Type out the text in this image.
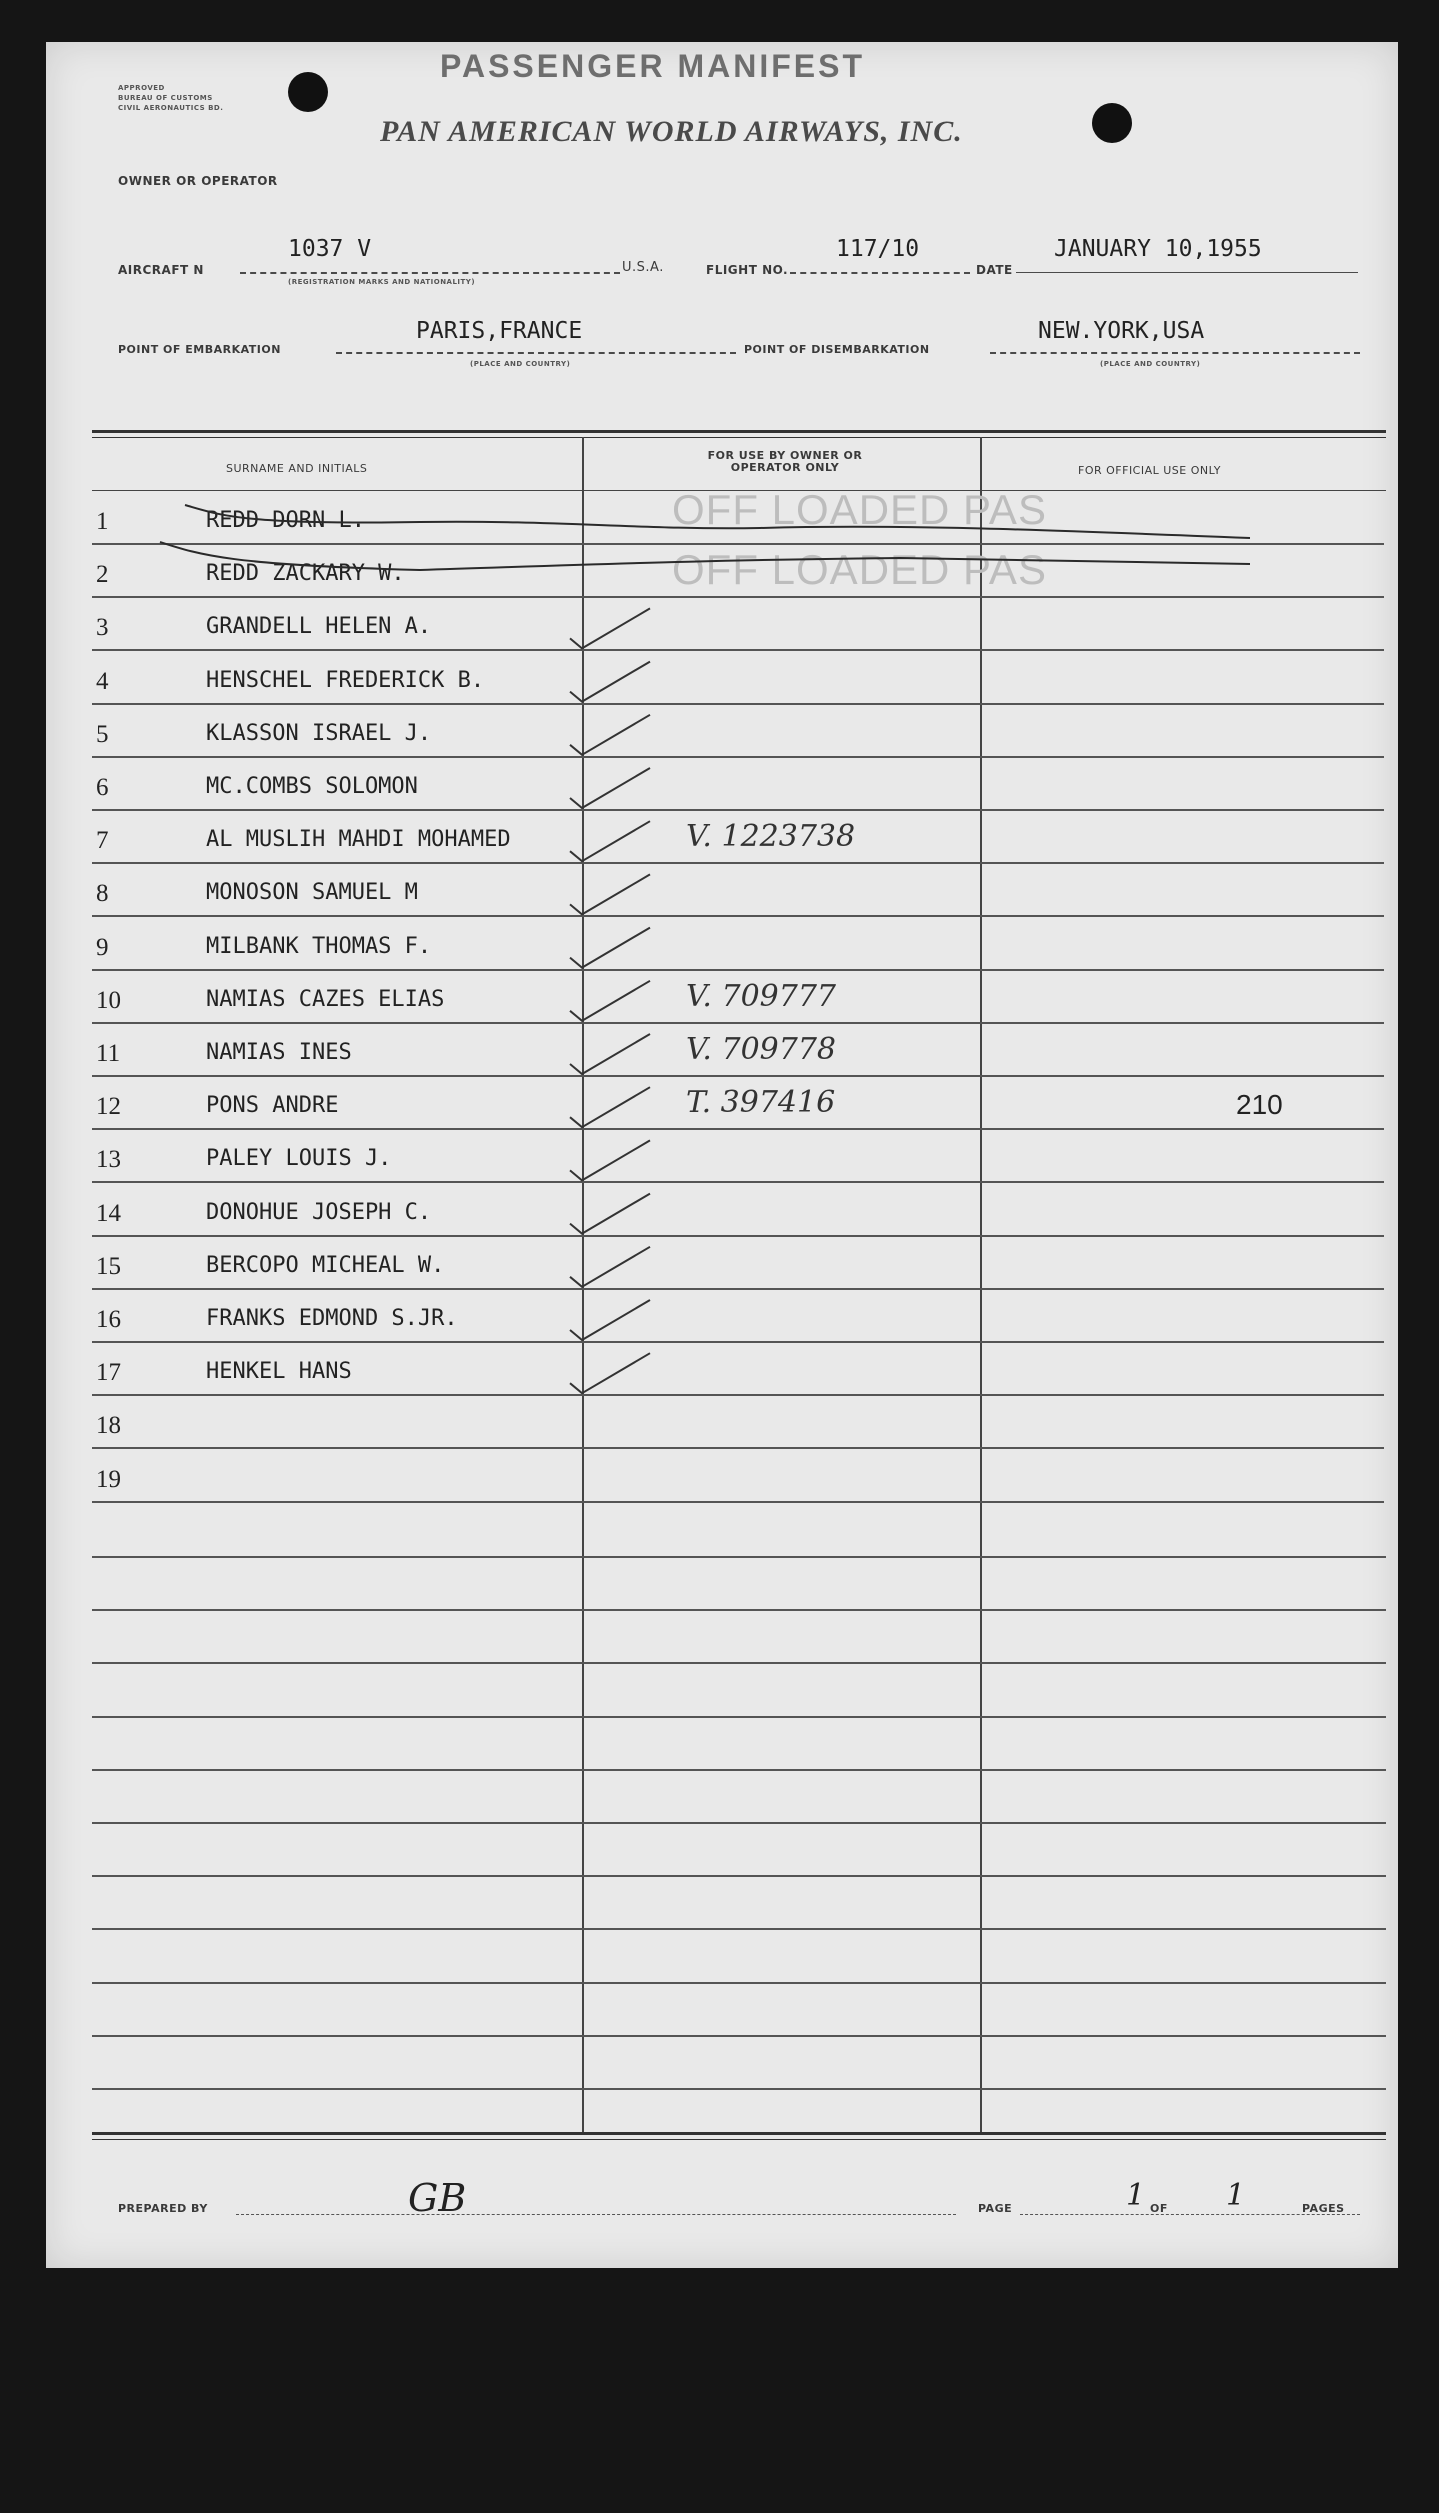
APPROVED
BUREAU OF CUSTOMS
CIVIL AERONAUTICS BD.
PASSENGER MANIFEST
OWNER OR OPERATOR
PAN AMERICAN WORLD AIRWAYS, INC.
AIRCRAFT N
1037 V
(REGISTRATION MARKS AND NATIONALITY)
U.S.A.	FLIGHT NO.
117/10
DATE
JANUARY 10,1955
POINT OF EMBARKATION
PARIS,FRANCE
(PLACE AND COUNTRY)
POINT OF DISEMBARKATION
NEW.YORK,USA
(PLACE AND COUNTRY)
SURNAME AND INITIALS
FOR USE BY OWNER OR OPERATOR ONLY	FOR OFFICIAL USE ONLY
1	REDD DORN L.
2	REDD ZACKARY W.
3	GRANDELL HELEN A.
4	HENSCHEL FREDERICK B.
5	KLASSON ISRAEL J.
6	MC.COMBS SOLOMON
7	AL MUSLIH MAHDI MOHAMED	V. 1223738
8	MONOSON SAMUEL M
9	MILBANK THOMAS F.
10	NAMIAS CAZES ELIAS	V. 709777
11	NAMIAS INES	V. 709778
12	PONS ANDRE	T. 397416	210
13	PALEY LOUIS J.
14	DONOHUE JOSEPH C.
15	BERCOPO MICHEAL W.
16	FRANKS EDMOND S.JR.
17	HENKEL HANS
18
19
OFF LOADED PAS
OFF LOADED PAS
PREPARED BY	GB	PAGE	1 OF 1	PAGES
